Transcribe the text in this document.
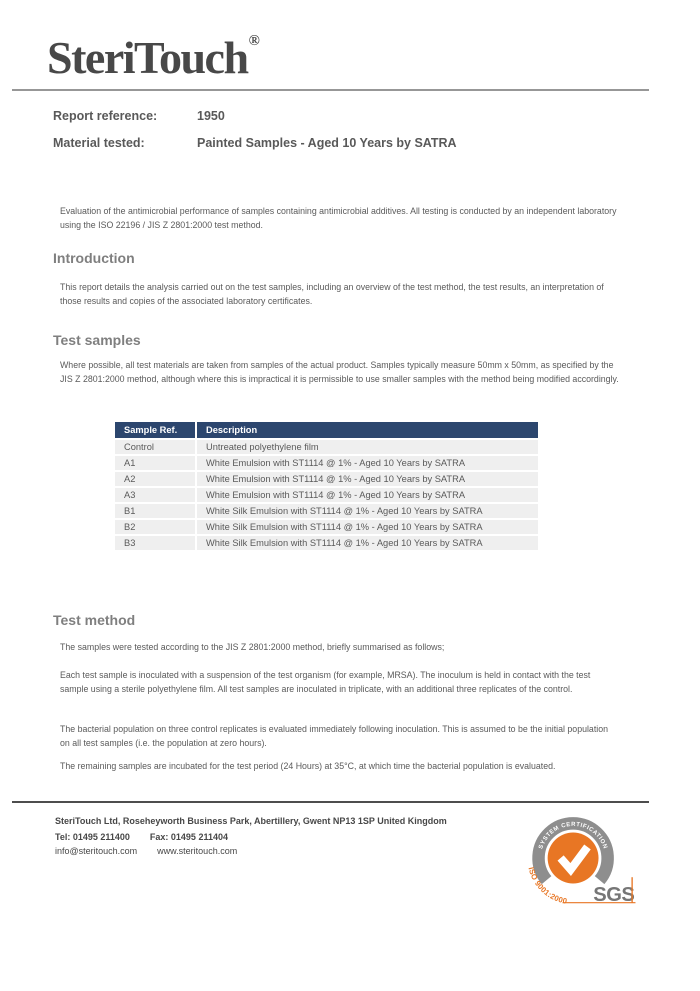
SteriTouch®
Report reference:	1950
Material tested:	Painted Samples - Aged 10 Years by SATRA

Evaluation of the antimicrobial performance of samples containing antimicrobial additives. All testing is conducted by an independent laboratory using the ISO 22196 / JIS Z 2801:2000 test method.

Introduction

This report details the analysis carried out on the test samples, including an overview of the test method, the test results, an interpretation of those results and copies of the associated laboratory certificates.

Test samples

Where possible, all test materials are taken from samples of the actual product. Samples typically measure 50mm x 50mm, as specified by the JIS Z 2801:2000 method, although where this is impractical it is permissible to use smaller samples with the method being modified accordingly.

Sample Ref.	Description
Control	Untreated polyethylene film
A1	White Emulsion with ST1114 @ 1% - Aged 10 Years by SATRA
A2	White Emulsion with ST1114 @ 1% - Aged 10 Years by SATRA
A3	White Emulsion with ST1114 @ 1% - Aged 10 Years by SATRA
B1	White Silk Emulsion with ST1114 @ 1% - Aged 10 Years by SATRA
B2	White Silk Emulsion with ST1114 @ 1% - Aged 10 Years by SATRA
B3	White Silk Emulsion with ST1114 @ 1% - Aged 10 Years by SATRA
Test method

The samples were tested according to the JIS Z 2801:2000 method, briefly summarised as follows;

Each test sample is inoculated with a suspension of the test organism (for example, MRSA). The inoculum is held in contact with the test sample using a sterile polyethylene film. All test samples are inoculated in triplicate, with an additional three replicates of the control.

The bacterial population on three control replicates is evaluated immediately following inoculation. This is assumed to be the initial population on all test samples (i.e. the population at zero hours).

The remaining samples are incubated for the test period (24 Hours) at 35°C, at which time the bacterial population is evaluated.

SteriTouch Ltd, Roseheyworth Business Park, Abertillery, Gwent NP13 1SP United Kingdom
Tel: 01495 211400 Fax: 01495 211404
info@steritouch.com www.steritouch.com	SYSTEM CERTIFICATION
ISO 9001:2000 SGS
